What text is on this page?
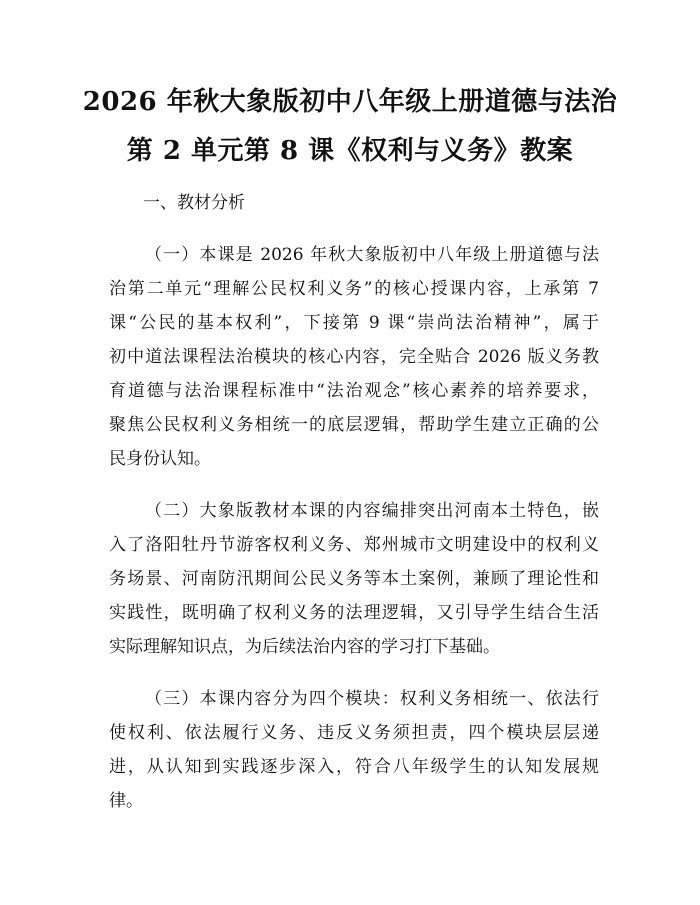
2026 年秋大象版初中八年级上册道德与法治
第 2 单元第 8 课《权利与义务》教案
一、教材分析
（一）本课是 2026 年秋大象版初中八年级上册道德与法
治第二单元“理解公民权利义务”的核心授课内容，上承第 7
课“公民的基本权利”，下接第 9 课“崇尚法治精神”，属于
初中道法课程法治模块的核心内容，完全贴合 2026 版义务教
育道德与法治课程标准中“法治观念”核心素养的培养要求，
聚焦公民权利义务相统一的底层逻辑，帮助学生建立正确的公
民身份认知。
（二）大象版教材本课的内容编排突出河南本土特色，嵌
入了洛阳牡丹节游客权利义务、郑州城市文明建设中的权利义
务场景、河南防汛期间公民义务等本土案例，兼顾了理论性和
实践性，既明确了权利义务的法理逻辑，又引导学生结合生活
实际理解知识点，为后续法治内容的学习打下基础。
（三）本课内容分为四个模块：权利义务相统一、依法行
使权利、依法履行义务、违反义务须担责，四个模块层层递
进，从认知到实践逐步深入，符合八年级学生的认知发展规
律。
